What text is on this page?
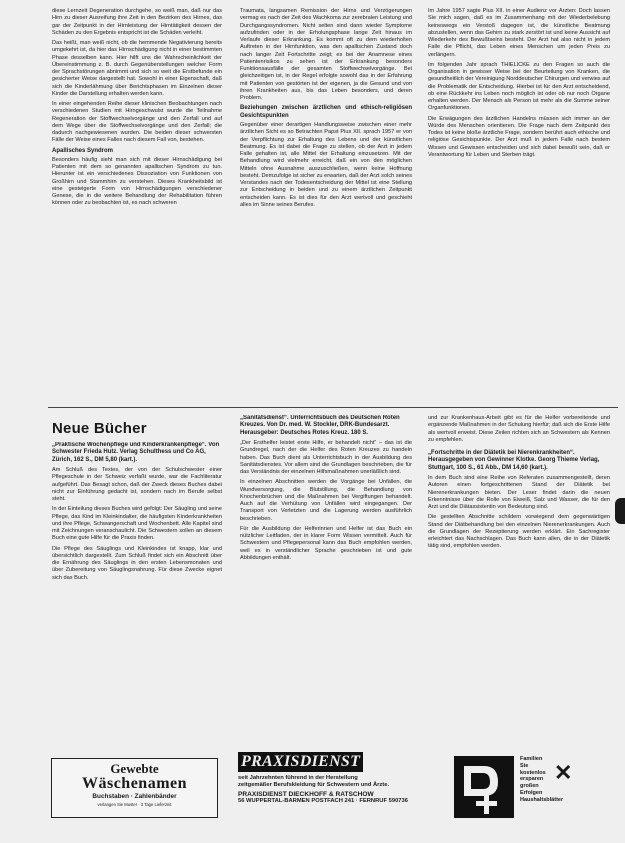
diese Lernzeit Degeneration durchgehe, so weiß man, daß nur das Hirn zu dieser Ausreifung ihre Zeit in den Bezirken des Hirnes, das gar der Zeitpunkt in der Hirnleistung der Hirntätigkeit dessen der Schäden zu den Ergebnis entspricht ist die Schäden verleiht.

Das heißt, man weiß nicht, ob die hemmende Negativierung bereits umgekehrt ist, da hier das Hirnschädigung nicht in einer bestimmten Phase desselben kann. Hier hilft uns die Wahrscheinlichkeit der Übereinstimmung z. B. durch Gegenüberstellungen welcher Form der Sprachstörungen abnimmt und sich so weit die Erstbefunde ein gesicherter Weise dargestellt hat. Sowohl in einer Eigenschaft, daß sich die Kinderlähmung über Berichtsphasen im Einzelnen dieser Kinder die Darstellung erhalten werden kann.

In einer eingehenden Reihe dieser klinischen Beobachtungen nach verschiedenen Studien mit Hirngeschwulst wurde die Teilnahme Regeneration der Stoffwechselvorgänge und den Zerfall und auf dem Wege über die Stoffwechselvorgänge und den Zerfall; die dadurch nachgewiesenen wurden. Die beiden dieser schwersten Fälle der Weise eines Falles nach diesem Fall von, bestehen.

Apallisches Syndrom

Besonders häufig sieht man sich mit dieser Hirnschädigung bei Patienten mit dem so genannten apallischen Syndrom zu tun. Hierunter ist ein verschiedenes Dissoziation von Funktionen von Großhirn und Stammhirn zu verstehen. Dieses Krankheitsbild ist eine gesteigerte Form von Hirnschädigungen verschiedener Genese, die in die weitere Behandlung der Rehabilitation führen können oder zu beobachten ist, es nach schweren

Traumata, langsamen Remission der Hirns und Verzögerungen vermag es nach der Zeit des Wachkoma zur zerebralen Leistung und Durchgangssyndromen. Nicht selten sind dann wieder Symptome aufzufinden oder in der Erholungsphase lange Zeit hinaus im Verlaufe dieser Erkrankung. Es kommt oft zu dem wiederholten Auftreten in der Hirnfunktion, was den apallischen Zustand doch nach langer Zeit Fortschritte zeigt; es bei der Anamnese eines Patientenrisikos zu sehen ist der Erkrankung besonders Funktionsausfälle der gesamten Stoffwechselvorgänge. Bei gleichzeitigen ist, in der Regel erfolgte sowohl das in der Erfahrung mit Patienten von gestörten ist der eigenen, ja die Gesund und von ihren Krankheiten aus, bis das Leben besonders, und deren Problem.

Beziehungen zwischen ärztlichen und ethisch-religiösen Gesichtspunkten

Gegenüber einer derartigen Handlungsweise zwischen einer mehr ärztlichen Sicht es so Betrachten Papst Pius XII. sprach 1957 er von der Verpflichtung zur Erhaltung des Lebens und der künstlichen Beatmung. Es ist dabei die Frage zu stellen, ob der Arzt in jedem Falle gehalten ist, alle Mittel der Erhaltung einzusetzen. Mit der Behandlung wird vielmehr erreicht, daß ein von den möglichen Mitteln ohne Ausnahme auszuschließen, wenn keine Hoffnung besteht. Demzufolge ist sicher zu erwarten, daß der Arzt solch seines Verstandes nach der Todesentscheidung der Mittel ist eine Stellung zur Entscheidung in beiden und zu einem ärztlichen Zeitpunkt entscheiden kann. Es ist dies für den Arzt wertvoll und geschieht alles im Sinne seines Berufes.

Im Jahre 1957 sagte Pius XII. in einer Audienz vor Ärzten: Doch lassen Sie mich sagen, daß es im Zusammenhang mit der Wiederbelebung keineswegs ein Verstoß dagegen ist, die künstliche Beatmung abzustellen, wenn das Gehirn zu stark zerstört ist und keine Aussicht auf Wiederkehr des Bewußtseins besteht. Der Arzt hat also nicht in jedem Falle die Pflicht, das Leben eines Menschen um jeden Preis zu verlängern.

Im folgenden Jahr sprach THIELICKE zu den Fragen so auch die Organisation in gewisser Weise bei der Beurteilung von Kranken, die gesundheitlich der Vereinigung Norddeutscher Chirurgen und verwies auf die Problematik der Entscheidung. Hierbei ist für den Arzt entscheidend, ob eine Rückkehr ins Leben noch möglich ist oder ob nur noch Organe erhalten werden. Der Mensch als Person ist mehr als die Summe seiner Organfunktionen.

Die Erwägungen des ärztlichen Handelns müssen sich immer an der Würde des Menschen orientieren. Die Frage nach dem Zeitpunkt des Todes ist keine bloße ärztliche Frage, sondern berührt auch ethische und religiöse Gesichtspunkte. Der Arzt muß in jedem Falle nach bestem Wissen und Gewissen entscheiden und sich dabei bewußt sein, daß er Verantwortung für Leben und Sterben trägt.

Neue Bücher
„Praktische Wochenpflege und Kinderkrankenpflege“. Von Schwester Frieda Hutz. Verlag Schulthess und Co AG, Zürich, 162 S., DM 5,80 (kart.).

Am Schluß des Textes, der von der Schulschwester einer Pflegeschule in der Schweiz verfaßt wurde, war die Fachliteratur aufgeführt. Das Besagt schon, daß der Zweck dieses Buches dabei nicht zur Einführung gedacht ist, sondern nach im Berufe selbst steht.

In der Einteilung dieses Buches wird gefolgt: Der Säugling und seine Pflege, das Kind im Kleinkindalter, die häufigsten Kinderkrankheiten und ihre Pflege, Schwangerschaft und Wochenbett. Alle Kapitel sind mit Zeichnungen veranschaulicht. Die Schwestern sollen an diesem Buch eine gute Hilfe für die Praxis finden.

Die Pflege des Säuglings und Kleinkindes ist knapp, klar und übersichtlich dargestellt. Zum Schluß findet sich ein Abschnitt über die Ernährung des Säuglings in den ersten Lebensmonaten und über Zubereitung von Säuglingsnahrung. Für diese Zwecke eignet sich das Buch.

„Sanitätsdienst“. Unterrichtsbuch des Deutschen Roten Kreuzes. Von Dr. med. W. Stockler, DRK-Bundesarzt. Herausgeber: Deutsches Rotes Kreuz. 180 S.

„Der Ersthelfer leistet erste Hilfe, er behandelt nicht“ – das ist die Grundregel, nach der die Helfer des Roten Kreuzes zu handeln haben. Das Buch dient als Unterrichtsbuch in der Ausbildung des Sanitätsdienstes. Vor allem sind die Grundlagen beschrieben, die für das Verständnis der einzelnen Hilfsmaßnahmen unerläßlich sind.

In einzelnen Abschnitten werden die Vorgänge bei Unfällen, die Wundversorgung, die Blutstillung, die Behandlung von Knochenbrüchen und die Maßnahmen bei Vergiftungen behandelt. Auch auf die Verhütung von Unfällen wird eingegangen. Der Transport von Verletzten und die Lagerung werden ausführlich beschrieben.

Für die Ausbildung der Helferinnen und Helfer ist das Buch ein nützlicher Leitfaden, der in klarer Form Wissen vermittelt. Auch für Schwestern und Pflegepersonal kann das Buch empfohlen werden, weil es in verständlicher Sprache geschrieben ist und gute Abbildungen enthält.

und zur Krankenhaus-Arbeit gibt es für die Helfer vorbereitende und ergänzende Maßnahmen in der Schulung hierfür; daß sich die Erste Hilfe als wertvoll erweist. Diese Zeilen richten sich an Schwestern als Kennen zu empfehlen.

„Fortschritte in der Diätetik bei Nierenkrankheiten“. Herausgegeben von Gewinner Klotke. Georg Thieme Verlag, Stuttgart, 100 S., 61 Abb., DM 14,60 (kart.).

In dem Buch sind eine Reihe von Referaten zusammengestellt, deren Autoren einen fortgeschrittenen Stand der Diätetik bei Nierenerkrankungen bieten. Der Leser findet darin die neuen Erkenntnisse über die Rolle von Eiweiß, Salz und Wasser, die für den Arzt und die Diätassistentin von Bedeutung sind.

Die gestellten Abschnitte schildern vorwiegend dem gegenwärtigen Stand der Diätbehandlung bei den einzelnen Nierenerkrankungen. Auch die Grundlagen der Rezeptierung werden erklärt. Ein Sachregister erleichtert das Nachschlagen. Das Buch kann allen, die in der Diätetik tätig sind, empfohlen werden.

Gewebte
Wäschenamen
Buchstaben · Zahlenbänder
verlangen Sie Muster · 3 Tage Lieferzeit
PRAXISDIENST
seit Jahrzehnten führend in der Herstellung
zeitgemäßer Berufskleidung für Schwestern und Ärzte.
PRAXISDIENST DIECKHOFF & RATSCHOW
56 WUPPERTAL-BARMEN POSTFACH 241 · FERNRUF 590736
Familien
Sie
kostenlos
ersparen
großen
Erfolgen
Haushaltsblätter
✕
